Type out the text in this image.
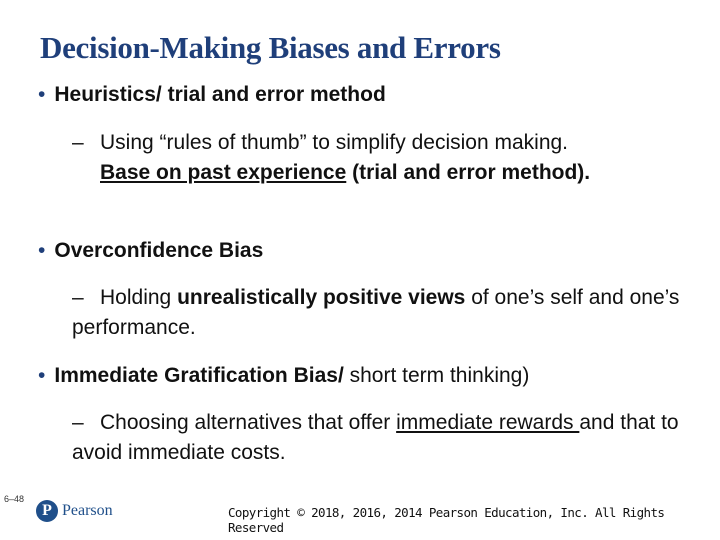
Decision-Making Biases and Errors
• Heuristics/ trial and error method
– Using “rules of thumb” to simplify decision making.
Base on past experience (trial and error method).
• Overconfidence Bias
– Holding unrealistically positive views of one’s self and one’s performance.
• Immediate Gratification Bias/ short term thinking)
– Choosing alternatives that offer immediate rewards and that to avoid immediate costs.
6–48
P Pearson	Copyright © 2018, 2016, 2014 Pearson Education, Inc. All Rights Reserved
